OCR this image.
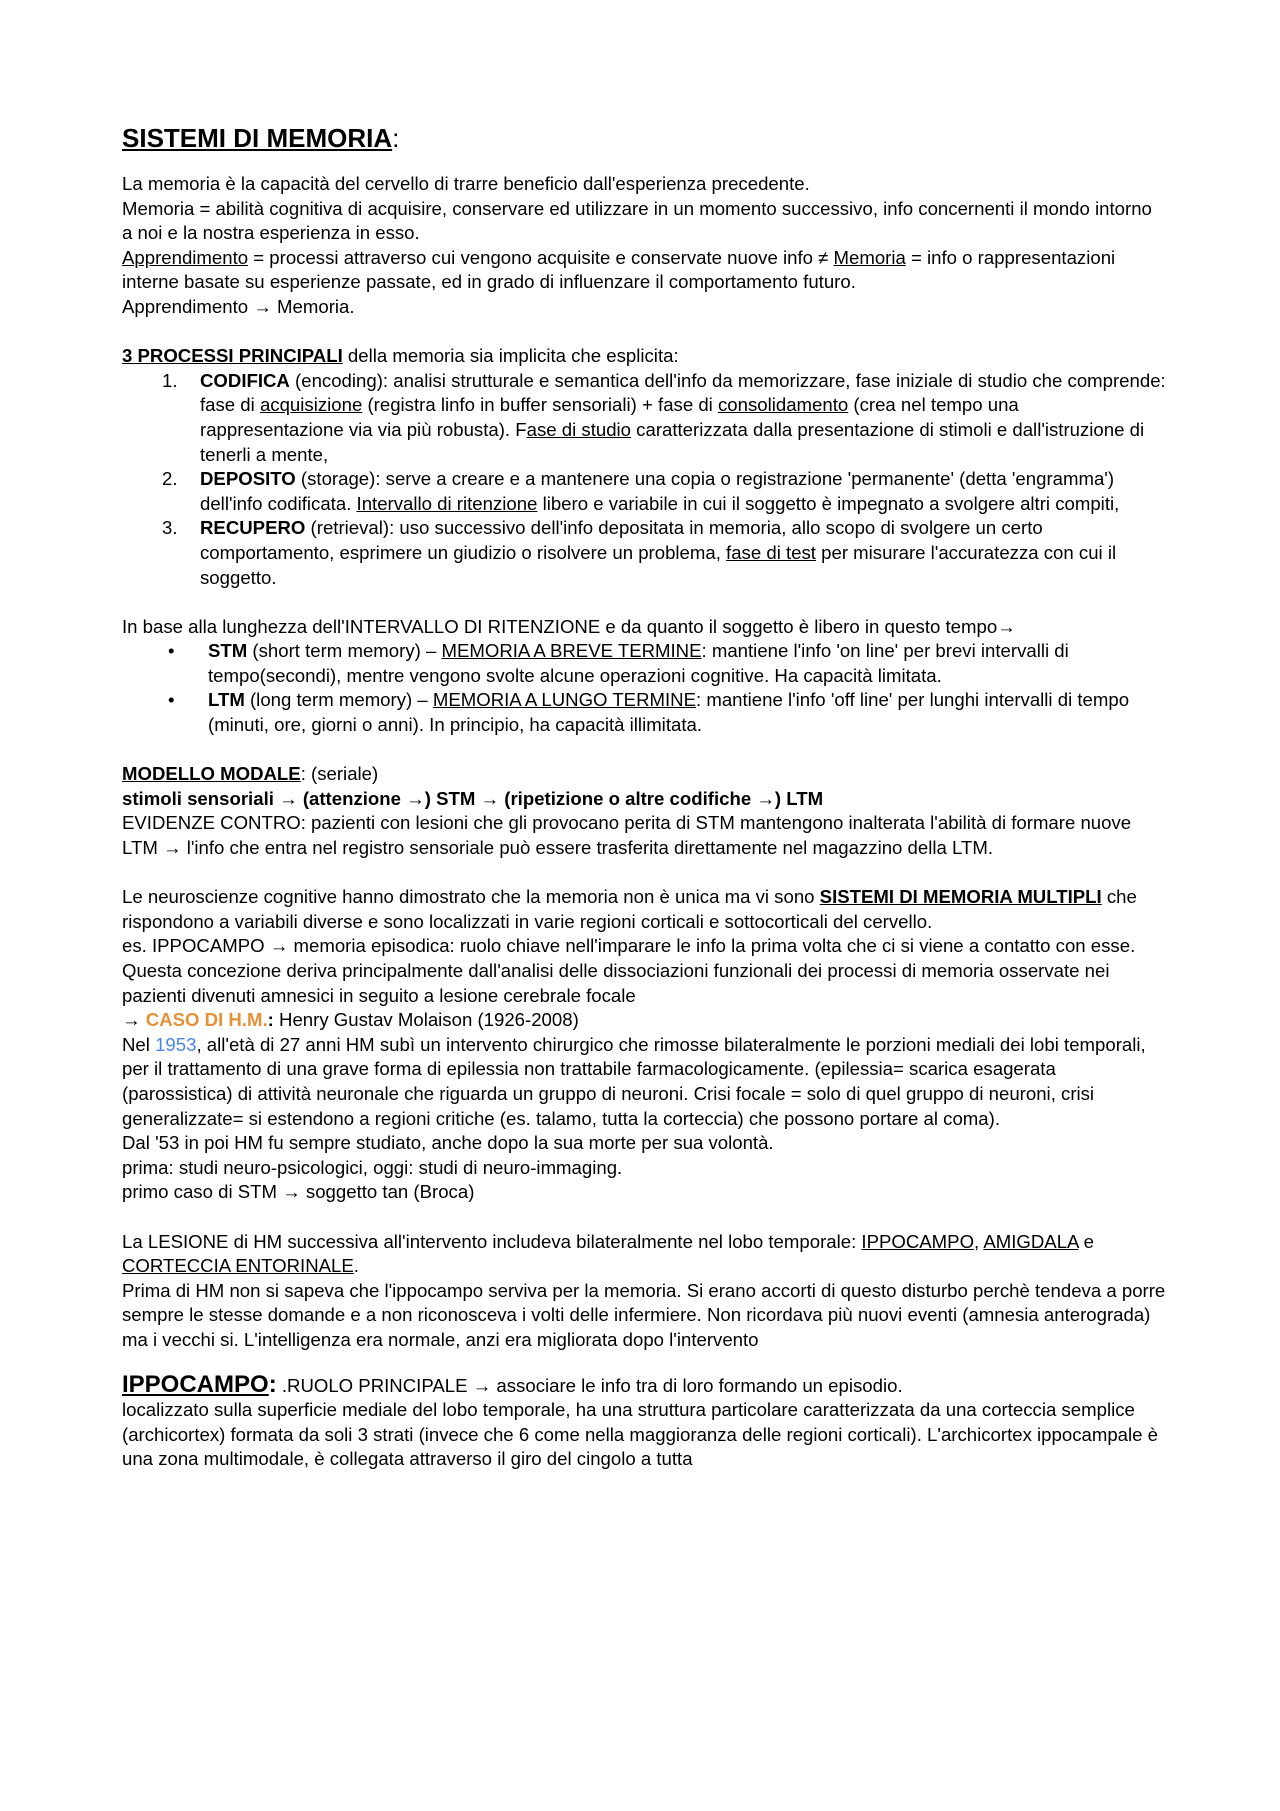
SISTEMI DI MEMORIA:

La memoria è la capacità del cervello di trarre beneficio dall'esperienza precedente.

Memoria = abilità cognitiva di acquisire, conservare ed utilizzare in un momento successivo, info concernenti il mondo intorno a noi e la nostra esperienza in esso.

Apprendimento = processi attraverso cui vengono acquisite e conservate nuove info ≠ Memoria = info o rappresentazioni interne basate su esperienze passate, ed in grado di influenzare il comportamento futuro.

Apprendimento → Memoria.

3 PROCESSI PRINCIPALI della memoria sia implicita che esplicita:

1. CODIFICA (encoding): analisi strutturale e semantica dell'info da memorizzare, fase iniziale di studio che comprende: fase di acquisizione (registra linfo in buffer sensoriali) + fase di consolidamento (crea nel tempo una rappresentazione via via più robusta). Fase di studio caratterizzata dalla presentazione di stimoli e dall'istruzione di tenerli a mente,
2. DEPOSITO (storage): serve a creare e a mantenere una copia o registrazione 'permanente' (detta 'engramma') dell'info codificata. Intervallo di ritenzione libero e variabile in cui il soggetto è impegnato a svolgere altri compiti,
3. RECUPERO (retrieval): uso successivo dell'info depositata in memoria, allo scopo di svolgere un certo comportamento, esprimere un giudizio o risolvere un problema, fase di test per misurare l'accuratezza con cui il soggetto.

In base alla lunghezza dell'INTERVALLO DI RITENZIONE e da quanto il soggetto è libero in questo tempo→

• STM (short term memory) – MEMORIA A BREVE TERMINE: mantiene l'info 'on line' per brevi intervalli di tempo(secondi), mentre vengono svolte alcune operazioni cognitive. Ha capacità limitata.
• LTM (long term memory) – MEMORIA A LUNGO TERMINE: mantiene l'info 'off line' per lunghi intervalli di tempo (minuti, ore, giorni o anni). In principio, ha capacità illimitata.

MODELLO MODALE: (seriale)

stimoli sensoriali → (attenzione →) STM → (ripetizione o altre codifiche →) LTM

EVIDENZE CONTRO: pazienti con lesioni che gli provocano perita di STM mantengono inalterata l'abilità di formare nuove LTM → l'info che entra nel registro sensoriale può essere trasferita direttamente nel magazzino della LTM.

Le neuroscienze cognitive hanno dimostrato che la memoria non è unica ma vi sono SISTEMI DI MEMORIA MULTIPLI che rispondono a variabili diverse e sono localizzati in varie regioni corticali e sottocorticali del cervello.

es. IPPOCAMPO → memoria episodica: ruolo chiave nell'imparare le info la prima volta che ci si viene a contatto con esse.

Questa concezione deriva principalmente dall'analisi delle dissociazioni funzionali dei processi di memoria osservate nei pazienti divenuti amnesici in seguito a lesione cerebrale focale

→ CASO DI H.M.: Henry Gustav Molaison (1926-2008)

Nel 1953, all'età di 27 anni HM subì un intervento chirurgico che rimosse bilateralmente le porzioni mediali dei lobi temporali, per il trattamento di una grave forma di epilessia non trattabile farmacologicamente. (epilessia= scarica esagerata (parossistica) di attività neuronale che riguarda un gruppo di neuroni. Crisi focale = solo di quel gruppo di neuroni, crisi generalizzate= si estendono a regioni critiche (es. talamo, tutta la corteccia) che possono portare al coma).

Dal '53 in poi HM fu sempre studiato, anche dopo la sua morte per sua volontà.

prima: studi neuro-psicologici, oggi: studi di neuro-immaging.

primo caso di STM → soggetto tan (Broca)

La LESIONE di HM successiva all'intervento includeva bilateralmente nel lobo temporale: IPPOCAMPO, AMIGDALA e CORTECCIA ENTORINALE.

Prima di HM non si sapeva che l'ippocampo serviva per la memoria. Si erano accorti di questo disturbo perchè tendeva a porre sempre le stesse domande e a non riconosceva i volti delle infermiere. Non ricordava più nuovi eventi (amnesia anterograda) ma i vecchi si. L'intelligenza era normale, anzi era migliorata dopo l'intervento

IPPOCAMPO: .RUOLO PRINCIPALE → associare le info tra di loro formando un episodio.

localizzato sulla superficie mediale del lobo temporale, ha una struttura particolare caratterizzata da una corteccia semplice (archicortex) formata da soli 3 strati (invece che 6 come nella maggioranza delle regioni corticali). L'archicortex ippocampale è una zona multimodale, è collegata attraverso il giro del cingolo a tutta
